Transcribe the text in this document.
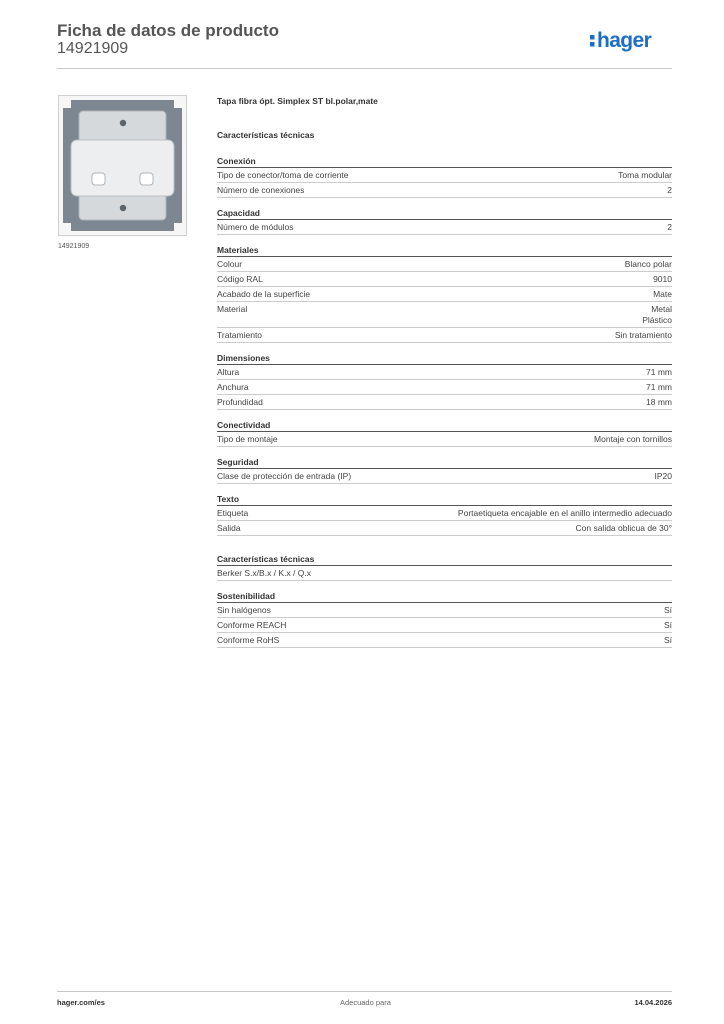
Ficha de datos de producto
14921909	hager
14921909
Tapa fibra ópt. Simplex ST bl.polar,mate
Características técnicas
Conexión
Tipo de conector/toma de corriente	Toma modular
Número de conexiones	2
Capacidad
Número de módulos	2
Materiales
Colour	Blanco polar
Código RAL	9010
Acabado de la superficie	Mate
Material	Metal
Plástico
Tratamiento	Sin tratamiento
Dimensiones
Altura	71 mm
Anchura	71 mm
Profundidad	18 mm
Conectividad
Tipo de montaje	Montaje con tornillos
Seguridad
Clase de protección de entrada (IP)	IP20
Texto
Etiqueta	Portaetiqueta encajable en el anillo intermedio adecuado
Salida	Con salida oblicua de 30°
Características técnicas
Berker S.x/B.x / K.x / Q.x
Sostenibilidad
Sin halógenos	Sí
Conforme REACH	Sí
Conforme RoHS	Sí
hager.com/es	Adecuado para	14.04.2026
